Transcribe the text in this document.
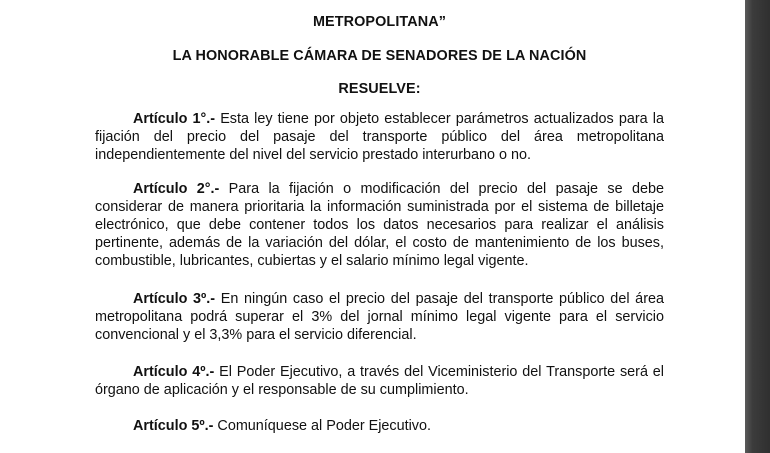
METROPOLITANA”

LA HONORABLE CÁMARA DE SENADORES DE LA NACIÓN

RESUELVE:

Artículo 1°.- Esta ley tiene por objeto establecer parámetros actualizados para la fijación del precio del pasaje del transporte público del área metropolitana independientemente del nivel del servicio prestado interurbano o no.

Artículo 2°.- Para la fijación o modificación del precio del pasaje se debe considerar de manera prioritaria la información suministrada por el sistema de billetaje electrónico, que debe contener todos los datos necesarios para realizar el análisis pertinente, además de la variación del dólar, el costo de mantenimiento de los buses, combustible, lubricantes, cubiertas y el salario mínimo legal vigente.

Artículo 3º.- En ningún caso el precio del pasaje del transporte público del área metropolitana podrá superar el 3% del jornal mínimo legal vigente para el servicio convencional y el 3,3% para el servicio diferencial.

Artículo 4º.- El Poder Ejecutivo, a través del Viceministerio del Transporte será el órgano de aplicación y el responsable de su cumplimiento.

Artículo 5º.- Comuníquese al Poder Ejecutivo.
